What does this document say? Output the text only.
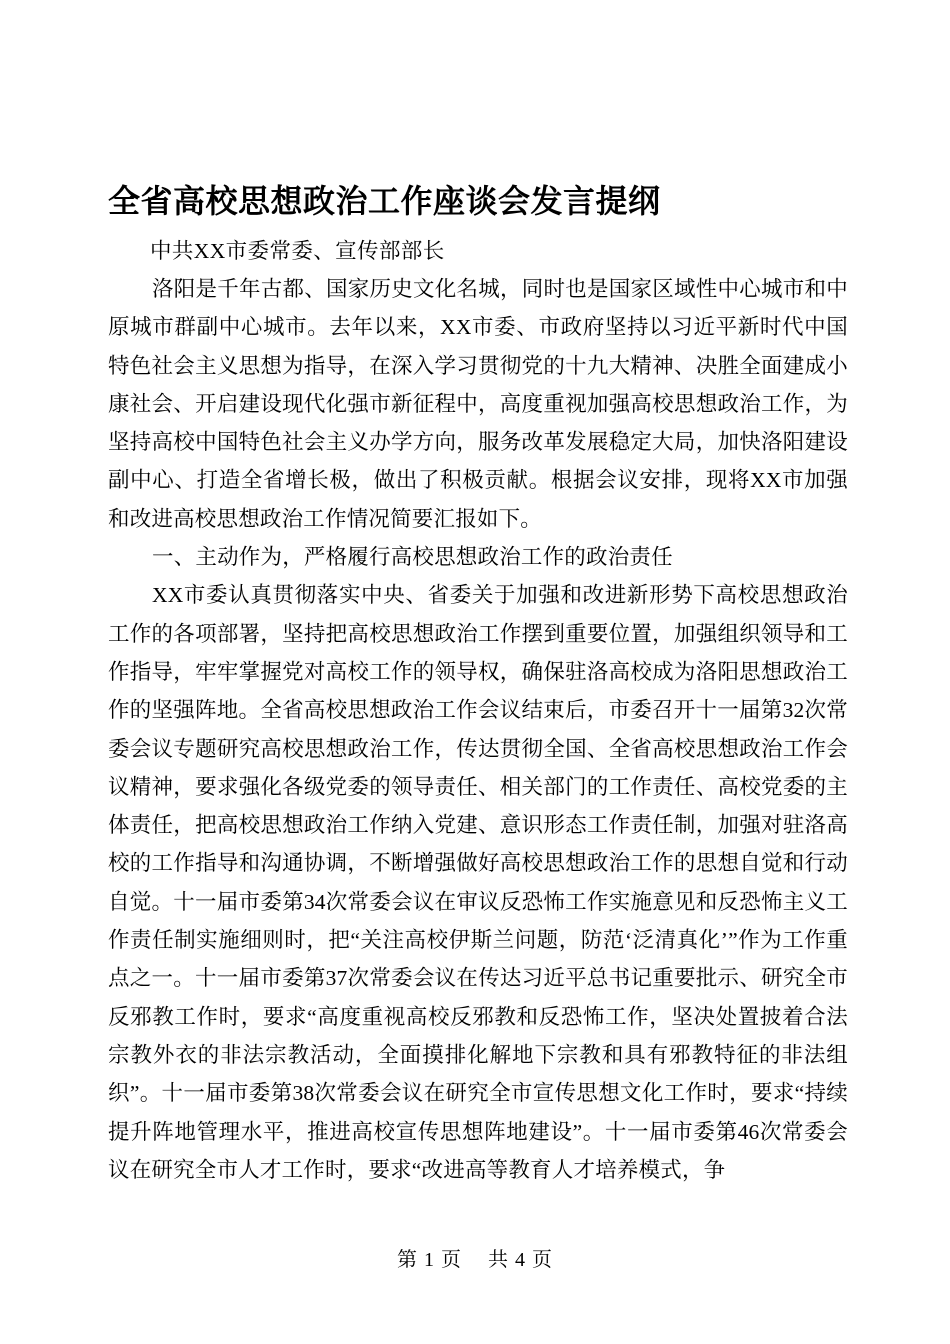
全省高校思想政治工作座谈会发言提纲

中共XX市委常委、宣传部部长

洛阳是千年古都、国家历史文化名城，同时也是国家区域性中心城市和中原城市群副中心城市。去年以来，XX市委、市政府坚持以习近平新时代中国特色社会主义思想为指导，在深入学习贯彻党的十九大精神、决胜全面建成小康社会、开启建设现代化强市新征程中，高度重视加强高校思想政治工作，为坚持高校中国特色社会主义办学方向，服务改革发展稳定大局，加快洛阳建设副中心、打造全省增长极，做出了积极贡献。根据会议安排，现将XX市加强和改进高校思想政治工作情况简要汇报如下。

一、主动作为，严格履行高校思想政治工作的政治责任

XX市委认真贯彻落实中央、省委关于加强和改进新形势下高校思想政治工作的各项部署，坚持把高校思想政治工作摆到重要位置，加强组织领导和工作指导，牢牢掌握党对高校工作的领导权，确保驻洛高校成为洛阳思想政治工作的坚强阵地。全省高校思想政治工作会议结束后，市委召开十一届第32次常委会议专题研究高校思想政治工作，传达贯彻全国、全省高校思想政治工作会议精神，要求强化各级党委的领导责任、相关部门的工作责任、高校党委的主体责任，把高校思想政治工作纳入党建、意识形态工作责任制，加强对驻洛高校的工作指导和沟通协调，不断增强做好高校思想政治工作的思想自觉和行动自觉。十一届市委第34次常委会议在审议反恐怖工作实施意见和反恐怖主义工作责任制实施细则时，把“关注高校伊斯兰问题，防范‘泛清真化’”作为工作重点之一。十一届市委第37次常委会议在传达习近平总书记重要批示、研究全市反邪教工作时，要求“高度重视高校反邪教和反恐怖工作，坚决处置披着合法宗教外衣的非法宗教活动，全面摸排化解地下宗教和具有邪教特征的非法组织”。十一届市委第38次常委会议在研究全市宣传思想文化工作时，要求“持续提升阵地管理水平，推进高校宣传思想阵地建设”。十一届市委第46次常委会议在研究全市人才工作时，要求“改进高等教育人才培养模式，争

第 1 页 共 4 页
